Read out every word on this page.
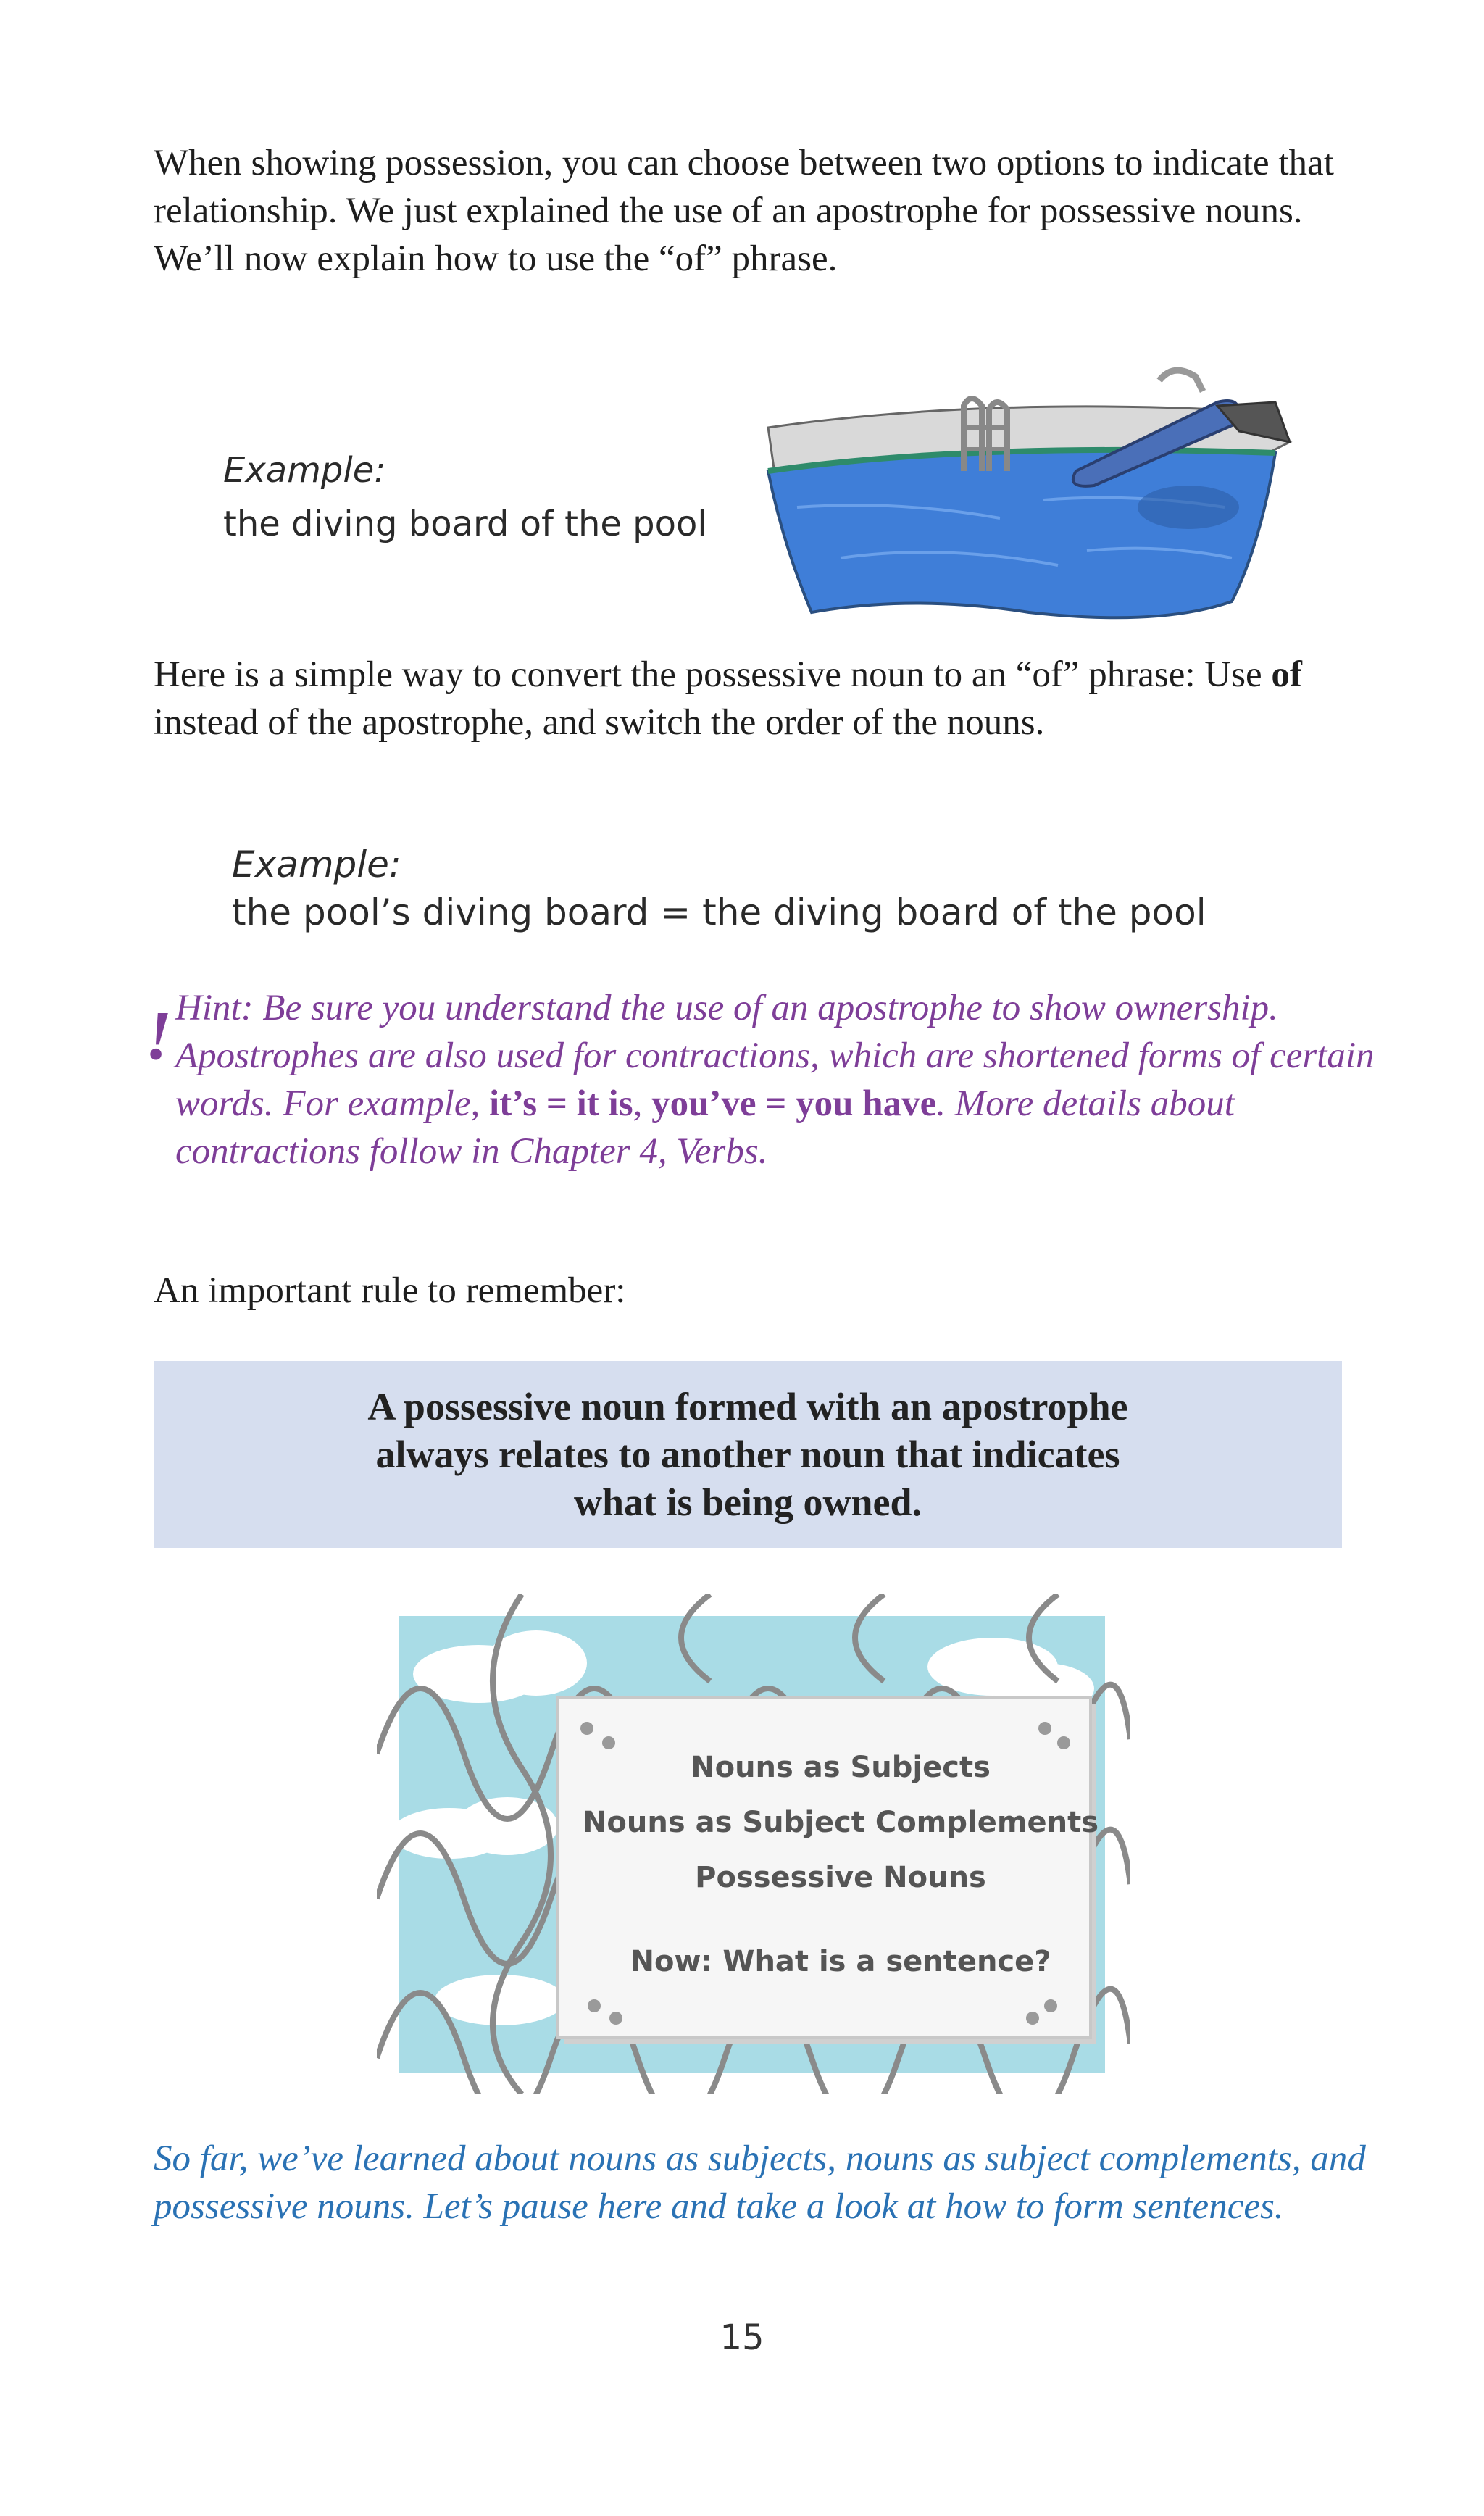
When showing possession, you can choose between two options to indicate that relationship. We just explained the use of an apostrophe for possessive nouns. We’ll now explain how to use the “of” phrase.

Example:
the diving board of the pool

Here is a simple way to convert the possessive noun to an “of” phrase: Use of instead of the apostrophe, and switch the order of the nouns.

Example:
the pool’s diving board = the diving board of the pool
! Hint: Be sure you understand the use of an apostrophe to show ownership. Apostrophes are also used for contractions, which are shortened forms of certain words. For example, it’s = it is, you’ve = you have. More details about contractions follow in Chapter 4, Verbs.

An important rule to remember:

A possessive noun formed with an apostrophe
always relates to another noun that indicates
what is being owned.

Nouns as Subjects

Nouns as Subject Complements

Possessive Nouns

Now: What is a sentence?

So far, we’ve learned about nouns as subjects, nouns as subject complements, and possessive nouns. Let’s pause here and take a look at how to form sentences.

15
